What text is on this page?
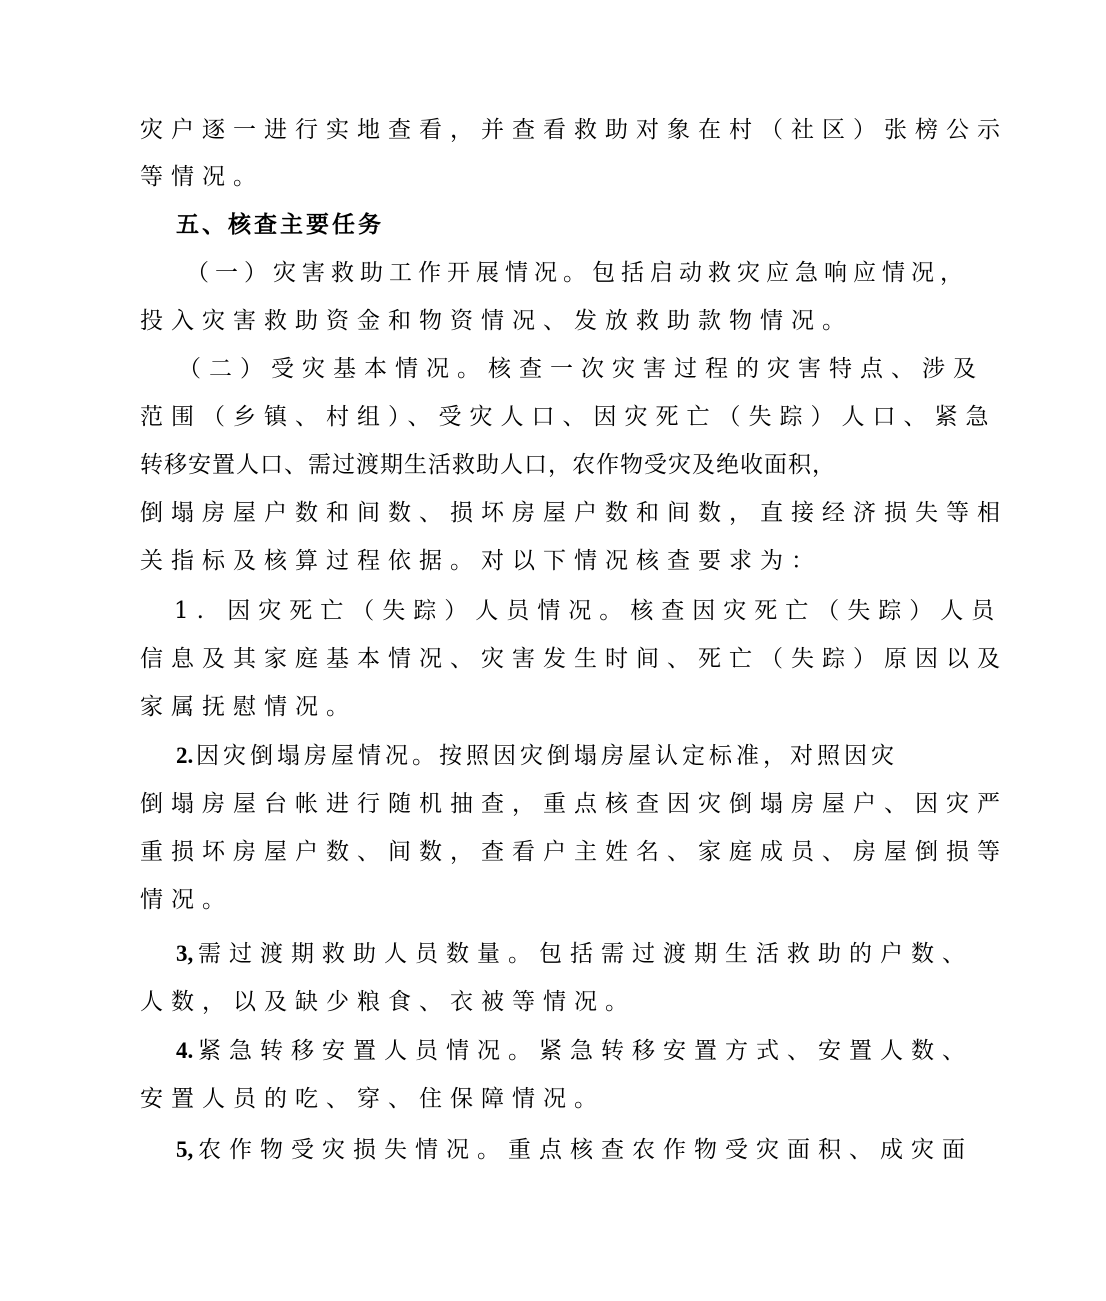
灾户逐一进行实地查看，并查看救助对象在村（社区）张榜公示
等情况。
五、核查主要任务
（一）灾害救助工作开展情况。包括启动救灾应急响应情况，
投入灾害救助资金和物资情况、发放救助款物情况。
（二）受灾基本情况。核查一次灾害过程的灾害特点、涉及
范围（乡镇、村组）、受灾人口、因灾死亡（失踪）人口、紧急
转移安置人口、需过渡期生活救助人口，农作物受灾及绝收面积，
倒塌房屋户数和间数、损坏房屋户数和间数，直接经济损失等相
关指标及核算过程依据。对以下情况核查要求为：
1. 因灾死亡（失踪）人员情况。核查因灾死亡（失踪）人员
信息及其家庭基本情况、灾害发生时间、死亡（失踪）原因以及
家属抚慰情况。
2. 因灾倒塌房屋情况。按照因灾倒塌房屋认定标准，对照因灾
倒塌房屋台帐进行随机抽查，重点核查因灾倒塌房屋户、因灾严
重损坏房屋户数、间数，查看户主姓名、家庭成员、房屋倒损等
情况。
3, 需过渡期救助人员数量。包括需过渡期生活救助的户数、
人数，以及缺少粮食、衣被等情况。
4. 紧急转移安置人员情况。紧急转移安置方式、安置人数、
安置人员的吃、穿、住保障情况。
5, 农作物受灾损失情况。重点核查农作物受灾面积、成灾面
